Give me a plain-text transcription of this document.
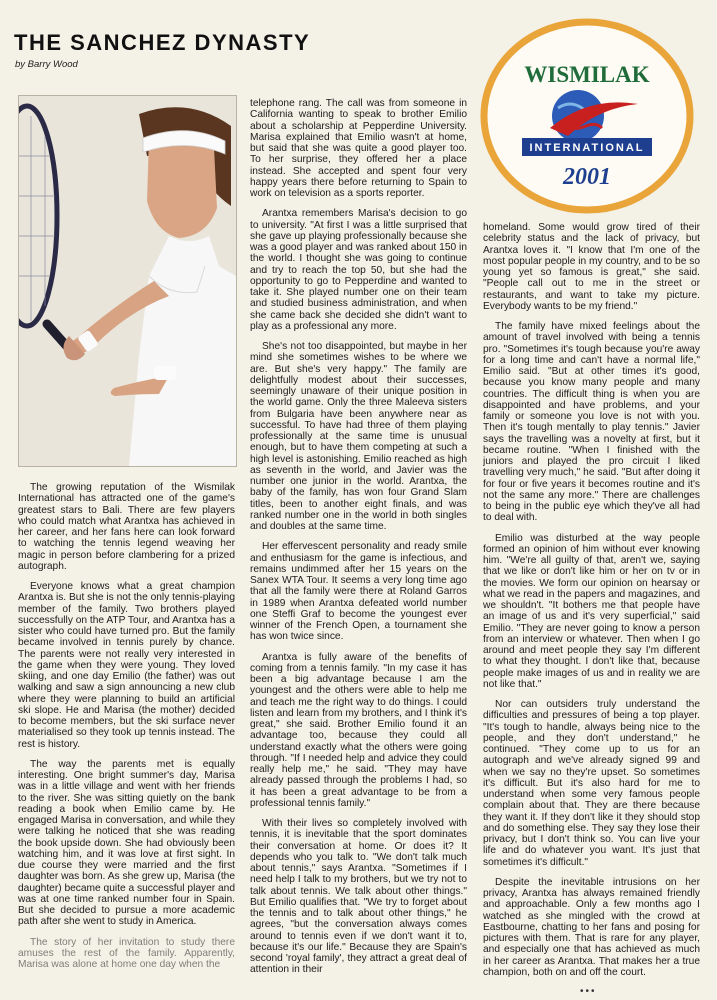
THE SANCHEZ DYNASTY
by Barry Wood	WISMILAK
INTERNATIONAL
2001

The growing reputation of the Wismilak International has attracted one of the game's greatest stars to Bali. There are few players who could match what Arantxa has achieved in her career, and her fans here can look forward to watching the tennis legend weaving her magic in person before clambering for a prized autograph.

Everyone knows what a great champion Arantxa is. But she is not the only tennis-playing member of the family. Two brothers played successfully on the ATP Tour, and Arantxa has a sister who could have turned pro. But the family became involved in tennis purely by chance. The parents were not really very interested in the game when they were young. They loved skiing, and one day Emilio (the father) was out walking and saw a sign announcing a new club where they were planning to build an artificial ski slope. He and Marisa (the mother) decided to become members, but the ski surface never materialised so they took up tennis instead. The rest is history.

The way the parents met is equally interesting. One bright summer's day, Marisa was in a little village and went with her friends to the river. She was sitting quietly on the bank reading a book when Emilio came by. He engaged Marisa in conversation, and while they were talking he noticed that she was reading the book upside down. She had obviously been watching him, and it was love at first sight. In due course they were married and the first daughter was born. As she grew up, Marisa (the daughter) became quite a successful player and was at one time ranked number four in Spain. But she decided to pursue a more academic path after she went to study in America.

The story of her invitation to study there amuses the rest of the family. Apparently, Marisa was alone at home one day when the

telephone rang. The call was from someone in California wanting to speak to brother Emilio about a scholarship at Pepperdine University. Marisa explained that Emilio wasn't at home, but said that she was quite a good player too. To her surprise, they offered her a place instead. She accepted and spent four very happy years there before returning to Spain to work on television as a sports reporter.

Arantxa remembers Marisa's decision to go to university. "At first I was a little surprised that she gave up playing professionally because she was a good player and was ranked about 150 in the world. I thought she was going to continue and try to reach the top 50, but she had the opportunity to go to Pepperdine and wanted to take it. She played number one on their team and studied business administration, and when she came back she decided she didn't want to play as a professional any more.

She's not too disappointed, but maybe in her mind she sometimes wishes to be where we are. But she's very happy." The family are delightfully modest about their successes, seemingly unaware of their unique position in the world game. Only the three Maleeva sisters from Bulgaria have been anywhere near as successful. To have had three of them playing professionally at the same time is unusual enough, but to have them competing at such a high level is astonishing. Emilio reached as high as seventh in the world, and Javier was the number one junior in the world. Arantxa, the baby of the family, has won four Grand Slam titles, been to another eight finals, and was ranked number one in the world in both singles and doubles at the same time.

Her effervescent personality and ready smile and enthusiasm for the game is infectious, and remains undimmed after her 15 years on the Sanex WTA Tour. It seems a very long time ago that all the family were there at Roland Garros in 1989 when Arantxa defeated world number one Steffi Graf to become the youngest ever winner of the French Open, a tournament she has won twice since.

Arantxa is fully aware of the benefits of coming from a tennis family. "In my case it has been a big advantage because I am the youngest and the others were able to help me and teach me the right way to do things. I could listen and learn from my brothers, and I think it's great," she said. Brother Emilio found it an advantage too, because they could all understand exactly what the others were going through. "If I needed help and advice they could really help me," he said. "They may have already passed through the problems I had, so it has been a great advantage to be from a professional tennis family."

With their lives so completely involved with tennis, it is inevitable that the sport dominates their conversation at home. Or does it? It depends who you talk to. "We don't talk much about tennis," says Arantxa. "Sometimes if I need help I talk to my brothers, but we try not to talk about tennis. We talk about other things." But Emilio qualifies that. "We try to forget about the tennis and to talk about other things," he agrees, "but the conversation always comes around to tennis even if we don't want it to, because it's our life." Because they are Spain's second 'royal family', they attract a great deal of attention in their

homeland. Some would grow tired of their celebrity status and the lack of privacy, but Arantxa loves it. "I know that I'm one of the most popular people in my country, and to be so young yet so famous is great," she said. "People call out to me in the street or restaurants, and want to take my picture. Everybody wants to be my friend."

The family have mixed feelings about the amount of travel involved with being a tennis pro. "Sometimes it's tough because you're away for a long time and can't have a normal life," Emilio said. "But at other times it's good, because you know many people and many countries. The difficult thing is when you are disappointed and have problems, and your family or someone you love is not with you. Then it's tough mentally to play tennis." Javier says the travelling was a novelty at first, but it became routine. "When I finished with the juniors and played the pro circuit I liked travelling very much," he said. "But after doing it for four or five years it becomes routine and it's not the same any more." There are challenges to being in the public eye which they've all had to deal with.

Emilio was disturbed at the way people formed an opinion of him without ever knowing him. "We're all guilty of that, aren't we, saying that we like or don't like him or her on tv or in the movies. We form our opinion on hearsay or what we read in the papers and magazines, and we shouldn't. "It bothers me that people have an image of us and it's very superficial," said Emilio. "They are never going to know a person from an interview or whatever. Then when I go around and meet people they say I'm different to what they thought. I don't like that, because people make images of us and in reality we are not like that."

Nor can outsiders truly understand the difficulties and pressures of being a top player. "It's tough to handle, always being nice to the people, and they don't understand," he continued. "They come up to us for an autograph and we've already signed 99 and when we say no they're upset. So sometimes it's difficult. But it's also hard for me to understand when some very famous people complain about that. They are there because they want it. If they don't like it they should stop and do something else. They say they lose their privacy, but I don't think so. You can live your life and do whatever you want. It's just that sometimes it's difficult."

Despite the inevitable intrusions on her privacy, Arantxa has always remained friendly and approachable. Only a few months ago I watched as she mingled with the crowd at Eastbourne, chatting to her fans and posing for pictures with them. That is rare for any player, and especially one that has achieved as much in her career as Arantxa. That makes her a true champion, both on and off the court.

•••
